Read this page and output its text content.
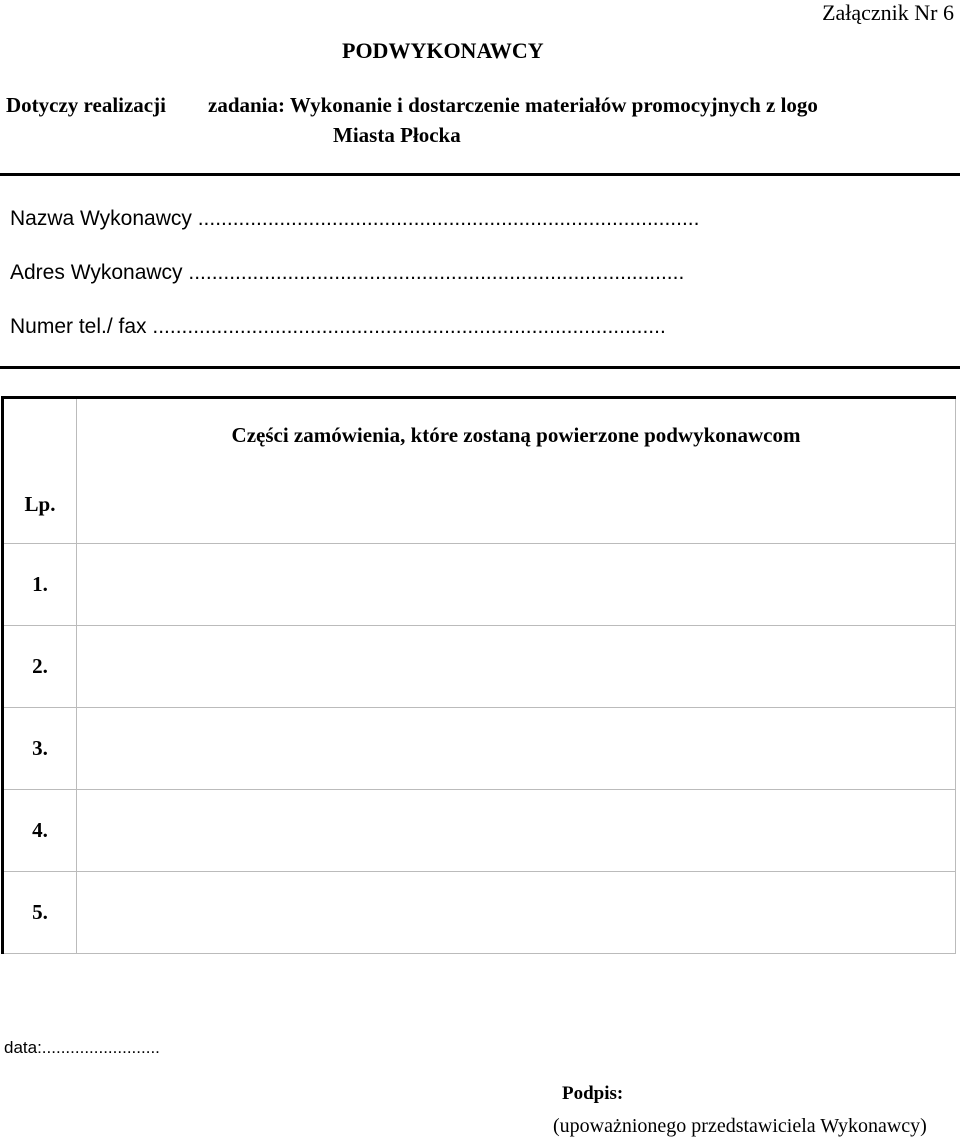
Załącznik Nr 6
PODWYKONAWCY
Dotyczy realizacji zadania: Wykonanie i dostarczenie materiałów promocyjnych z logo
Miasta Płocka
Nazwa Wykonawcy ......................................................................................
Adres Wykonawcy .....................................................................................
Numer tel./ fax ........................................................................................
Lp.	Części zamówienia, które zostaną powierzone podwykonawcom
1.	
2.	
3.	
4.	
5.	
data:.........................
Podpis:
(upoważnionego przedstawiciela Wykonawcy)
